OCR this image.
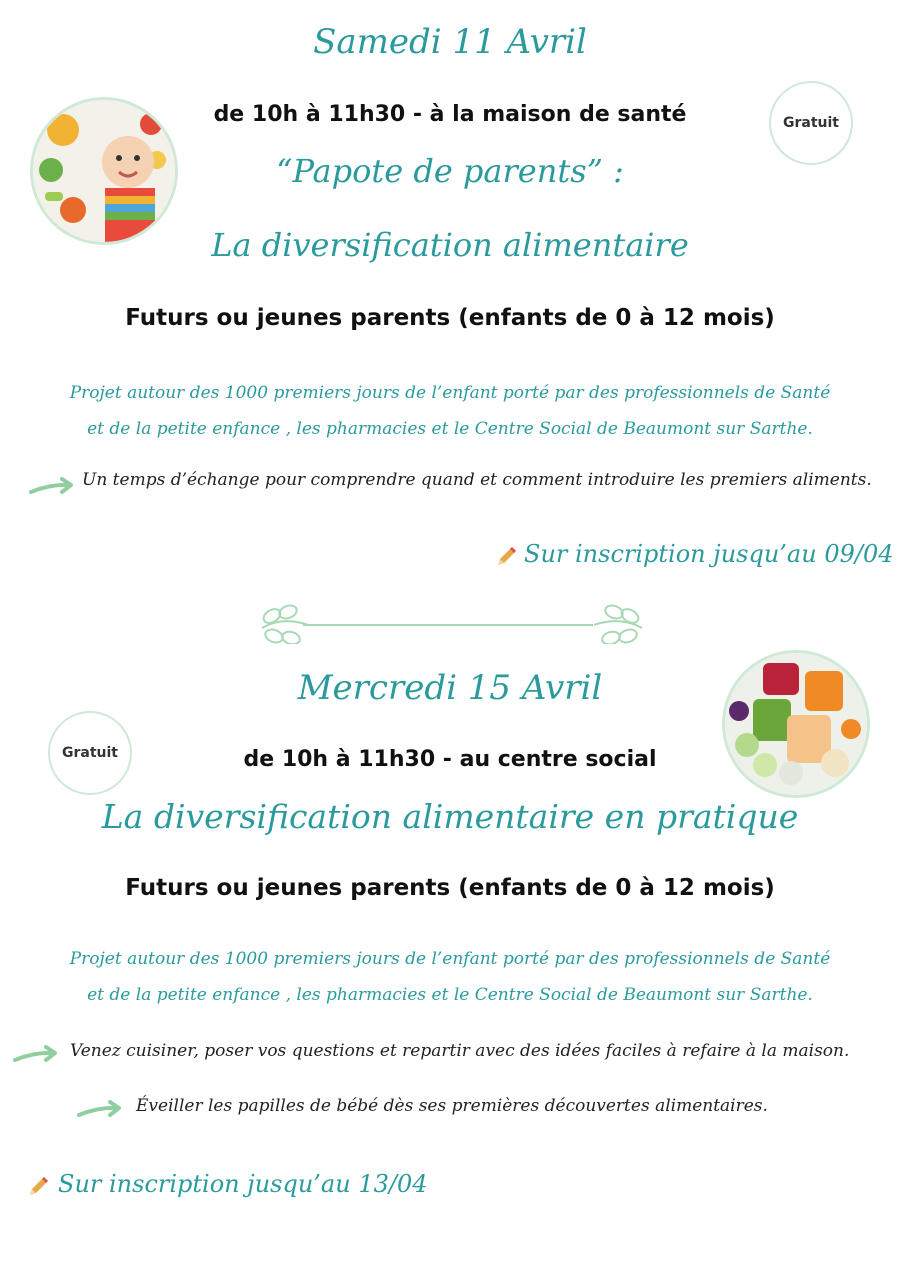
Samedi 11 Avril
de 10h à 11h30 - à la maison de santé	Gratuit
“Papote de parents” :
La diversification alimentaire
Futurs ou jeunes parents (enfants de 0 à 12 mois)
Projet autour des 1000 premiers jours de l’enfant porté par des professionnels de Santé
et de la petite enfance , les pharmacies et le Centre Social de Beaumont sur Sarthe.
Un temps d’échange pour comprendre quand et comment introduire les premiers aliments.
Sur inscription jusqu’au 09/04
Mercredi 15 Avril
Gratuit	de 10h à 11h30 - au centre social
La diversification alimentaire en pratique
Futurs ou jeunes parents (enfants de 0 à 12 mois)
Projet autour des 1000 premiers jours de l’enfant porté par des professionnels de Santé
et de la petite enfance , les pharmacies et le Centre Social de Beaumont sur Sarthe.
Venez cuisiner, poser vos questions et repartir avec des idées faciles à refaire à la maison.
Éveiller les papilles de bébé dès ses premières découvertes alimentaires.
Sur inscription jusqu’au 13/04
